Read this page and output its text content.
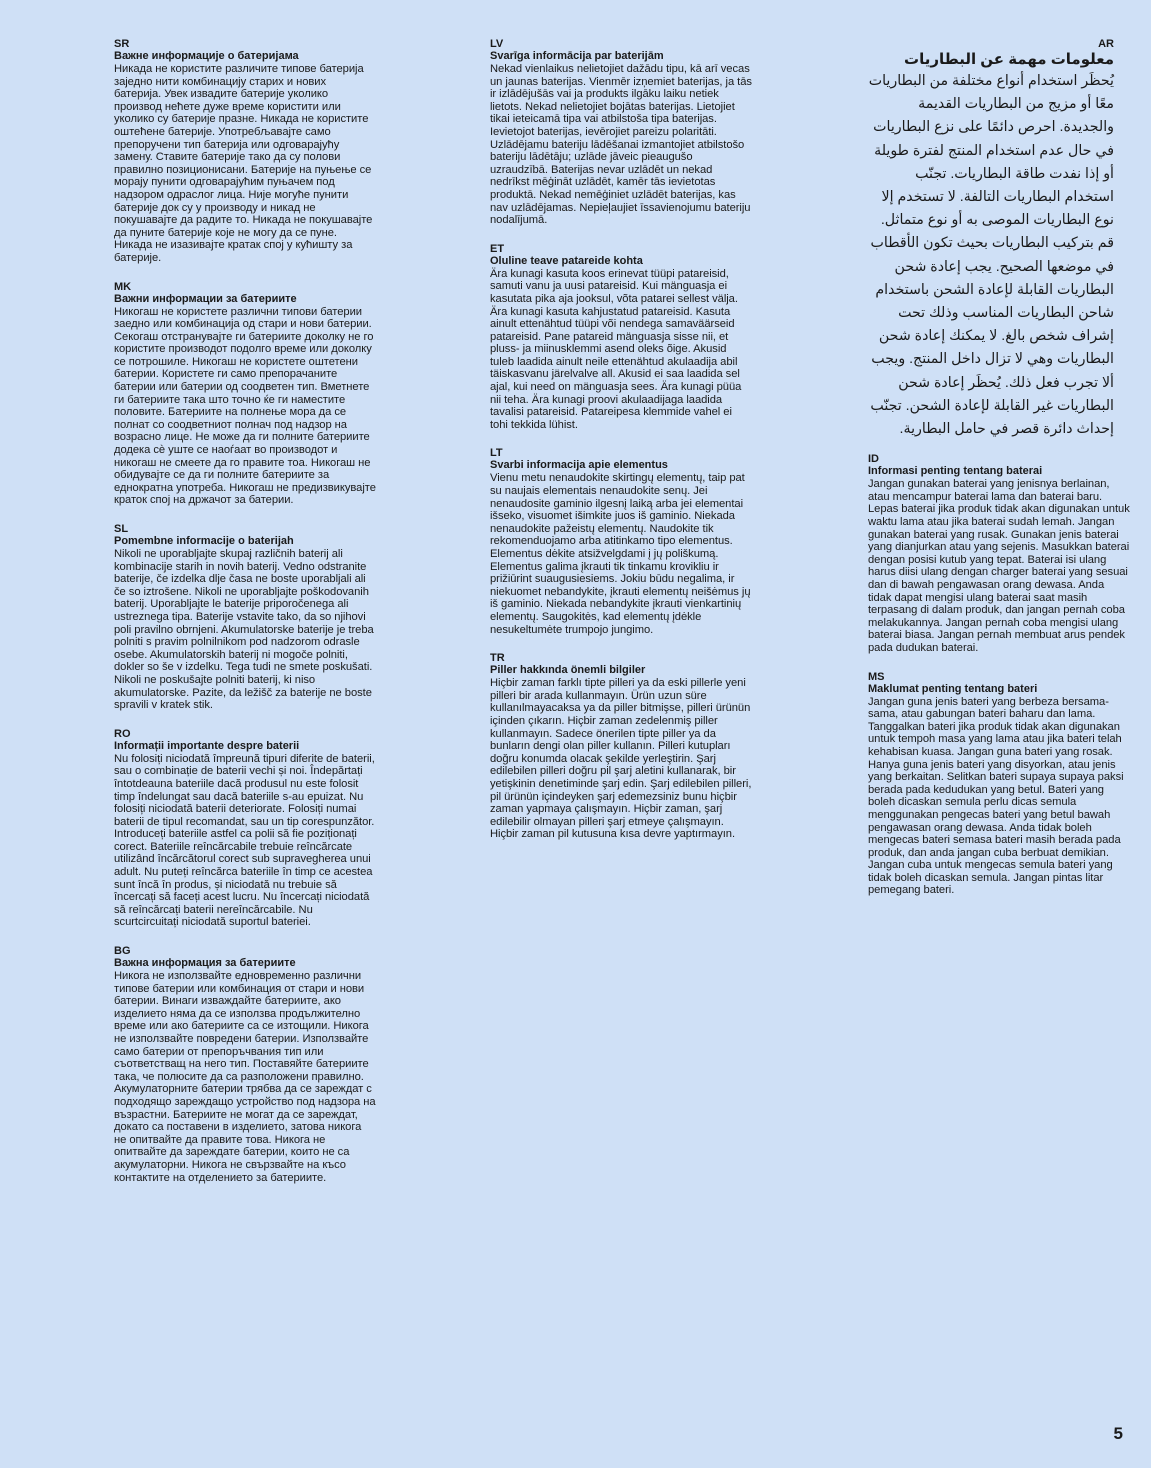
SR

Важне информације о батеријама

Никада не користите различите типове батерија заједно нити комбинацију старих и нових батерија. Увек извадите батерије уколико производ нећете дуже време користити или уколико су батерије празне. Никада не користите оштећене батерије. Употребљавајте само препоручени тип батерија или одговарајућу замену. Ставите батерије тако да су полови правилно позиционисани. Батерије на пуњење се морају пунити одговарајућим пуњачем под надзором одраслог лица. Није могуће пунити батерије док су у производу и никад не покушавајте да радите то. Никада не покушавајте да пуните батерије које не могу да се пуне. Никада не изазивајте кратак спој у кућишту за батерије.

MK

Важни информации за батериите

Никогаш не користете различни типови батерии заедно или комбинација од стари и нови батерии. Секогаш отстранувајте ги батериите доколку не го користите производот подолго време или доколку се потрошиле. Никогаш не користете оштетени батерии. Користете ги само препорачаните батерии или батерии од соодветен тип. Вметнете ги батериите така што точно ќе ги наместите половите. Батериите на полнење мора да се полнат со соодветниот полнач под надзор на возрасно лице. Не може да ги полните батериите додека сѐ уште се наоѓаат во производот и никогаш не смеете да го правите тоа. Никогаш не обидувајте се да ги полните батериите за еднократна употреба. Никогаш не предизвикувајте краток спој на држачот за батерии.

SL

Pomembne informacije o baterijah

Nikoli ne uporabljajte skupaj različnih baterij ali kombinacije starih in novih baterij. Vedno odstranite baterije, če izdelka dlje časa ne boste uporabljali ali če so iztrošene. Nikoli ne uporabljajte poškodovanih baterij. Uporabljajte le baterije priporočenega ali ustreznega tipa. Baterije vstavite tako, da so njihovi poli pravilno obrnjeni. Akumulatorske baterije je treba polniti s pravim polnilnikom pod nadzorom odrasle osebe. Akumulatorskih baterij ni mogoče polniti, dokler so še v izdelku. Tega tudi ne smete poskušati. Nikoli ne poskušajte polniti baterij, ki niso akumulatorske. Pazite, da ležišč za baterije ne boste spravili v kratek stik.

RO

Informații importante despre baterii

Nu folosiți niciodată împreună tipuri diferite de baterii, sau o combinație de baterii vechi și noi. Îndepărtați întotdeauna bateriile dacă produsul nu este folosit timp îndelungat sau dacă bateriile s-au epuizat. Nu folosiți niciodată baterii deteriorate. Folosiți numai baterii de tipul recomandat, sau un tip corespunzător. Introduceți bateriile astfel ca polii să fie poziționați corect. Bateriile reîncărcabile trebuie reîncărcate utilizând încărcătorul corect sub supravegherea unui adult. Nu puteți reîncărca bateriile în timp ce acestea sunt încă în produs, și niciodată nu trebuie să încercați să faceți acest lucru. Nu încercați niciodată să reîncărcați baterii nereîncărcabile. Nu scurtcircuitați niciodată suportul bateriei.

BG

Важна информация за батериите

Никога не използвайте едновременно различни типове батерии или комбинация от стари и нови батерии. Винаги изваждайте батериите, ако изделието няма да се използва продължително време или ако батериите са се изтощили. Никога не използвайте повредени батерии. Използвайте само батерии от препоръчвания тип или съответстващ на него тип. Поставяйте батериите така, че полюсите да са разположени правилно. Акумулаторните батерии трябва да се зареждат с подходящо зареждащо устройство под надзора на възрастни. Батериите не могат да се зареждат, докато са поставени в изделието, затова никога не опитвайте да правите това. Никога не опитвайте да зареждате батерии, които не са акумулаторни. Никога не свързвайте на късо контактите на отделението за батериите.

LV

Svarīga informācija par baterijām

Nekad vienlaikus nelietojiet dažādu tipu, kā arī vecas un jaunas baterijas. Vienmēr izņemiet baterijas, ja tās ir izlādējušās vai ja produkts ilgāku laiku netiek lietots. Nekad nelietojiet bojātas baterijas. Lietojiet tikai ieteicamā tipa vai atbilstoša tipa baterijas. Ievietojot baterijas, ievērojiet pareizu polaritāti. Uzlādējamu bateriju lādēšanai izmantojiet atbilstošo bateriju lādētāju; uzlāde jāveic pieaugušo uzraudzībā. Baterijas nevar uzlādēt un nekad nedrīkst mēģināt uzlādēt, kamēr tās ievietotas produktā. Nekad nemēģiniet uzlādēt baterijas, kas nav uzlādējamas. Nepieļaujiet īssavienojumu bateriju nodalījumā.

ET

Oluline teave patareide kohta

Ära kunagi kasuta koos erinevat tüüpi patareisid, samuti vanu ja uusi patareisid. Kui mänguasja ei kasutata pika aja jooksul, võta patarei sellest välja. Ära kunagi kasuta kahjustatud patareisid. Kasuta ainult ettenähtud tüüpi või nendega samaväärseid patareisid. Pane patareid mänguasja sisse nii, et pluss- ja miinusklemmi asend oleks õige. Akusid tuleb laadida ainult neile ettenähtud akulaadija abil täiskasvanu järelvalve all. Akusid ei saa laadida sel ajal, kui need on mänguasja sees. Ära kunagi püüa nii teha. Ära kunagi proovi akulaadijaga laadida tavalisi patareisid. Patareipesa klemmide vahel ei tohi tekkida lühist.

LT

Svarbi informacija apie elementus

Vienu metu nenaudokite skirtingų elementų, taip pat su naujais elementais nenaudokite senų. Jei nenaudosite gaminio ilgesnį laiką arba jei elementai išseko, visuomet išimkite juos iš gaminio. Niekada nenaudokite pažeistų elementų. Naudokite tik rekomenduojamo arba atitinkamo tipo elementus. Elementus dėkite atsižvelgdami į jų poliškumą. Elementus galima įkrauti tik tinkamu krovikliu ir prižiūrint suaugusiesiems. Jokiu būdu negalima, ir niekuomet nebandykite, įkrauti elementų neišėmus jų iš gaminio. Niekada nebandykite įkrauti vienkartinių elementų. Saugokitės, kad elementų įdėkle nesukeltumėte trumpojo jungimo.

TR

Piller hakkında önemli bilgiler

Hiçbir zaman farklı tipte pilleri ya da eski pillerle yeni pilleri bir arada kullanmayın. Ürün uzun süre kullanılmayacaksa ya da piller bitmişse, pilleri ürünün içinden çıkarın. Hiçbir zaman zedelenmiş piller kullanmayın. Sadece önerilen tipte piller ya da bunların dengi olan piller kullanın. Pilleri kutupları doğru konumda olacak şekilde yerleştirin. Şarj edilebilen pilleri doğru pil şarj aletini kullanarak, bir yetişkinin denetiminde şarj edin. Şarj edilebilen pilleri, pil ürünün içindeyken şarj edemezsiniz bunu hiçbir zaman yapmaya çalışmayın. Hiçbir zaman, şarj edilebilir olmayan pilleri şarj etmeye çalışmayın. Hiçbir zaman pil kutusuna kısa devre yaptırmayın.

AR

معلومات مهمة عن البطاريات

يُحظَر استخدام أنواع مختلفة من البطاريات معًا أو مزيج من البطاريات القديمة والجديدة. احرص دائمًا على نزع البطاريات في حال عدم استخدام المنتج لفترة طويلة أو إذا نفدت طاقة البطاريات. تجنّب استخدام البطاريات التالفة. لا تستخدم إلا نوع البطاريات الموصى به أو نوع متماثل. قم بتركيب البطاريات بحيث تكون الأقطاب في موضعها الصحيح. يجب إعادة شحن البطاريات القابلة لإعادة الشحن باستخدام شاحن البطاريات المناسب وذلك تحت إشراف شخص بالغ. لا يمكنك إعادة شحن البطاريات وهي لا تزال داخل المنتج. ويجب ألا تجرب فعل ذلك. يُحظَر إعادة شحن البطاريات غير القابلة لإعادة الشحن. تجنّب إحداث دائرة قصر في حامل البطارية.

ID

Informasi penting tentang baterai

Jangan gunakan baterai yang jenisnya berlainan, atau mencampur baterai lama dan baterai baru. Lepas baterai jika produk tidak akan digunakan untuk waktu lama atau jika baterai sudah lemah. Jangan gunakan baterai yang rusak. Gunakan jenis baterai yang dianjurkan atau yang sejenis. Masukkan baterai dengan posisi kutub yang tepat. Baterai isi ulang harus diisi ulang dengan charger baterai yang sesuai dan di bawah pengawasan orang dewasa. Anda tidak dapat mengisi ulang baterai saat masih terpasang di dalam produk, dan jangan pernah coba melakukannya. Jangan pernah coba mengisi ulang baterai biasa. Jangan pernah membuat arus pendek pada dudukan baterai.

MS

Maklumat penting tentang bateri

Jangan guna jenis bateri yang berbeza bersama-sama, atau gabungan bateri baharu dan lama. Tanggalkan bateri jika produk tidak akan digunakan untuk tempoh masa yang lama atau jika bateri telah kehabisan kuasa. Jangan guna bateri yang rosak. Hanya guna jenis bateri yang disyorkan, atau jenis yang berkaitan. Selitkan bateri supaya supaya paksi berada pada kedudukan yang betul. Bateri yang boleh dicaskan semula perlu dicas semula menggunakan pengecas bateri yang betul bawah pengawasan orang dewasa. Anda tidak boleh mengecas bateri semasa bateri masih berada pada produk, dan anda jangan cuba berbuat demikian. Jangan cuba untuk mengecas semula bateri yang tidak boleh dicaskan semula. Jangan pintas litar pemegang bateri.

5
